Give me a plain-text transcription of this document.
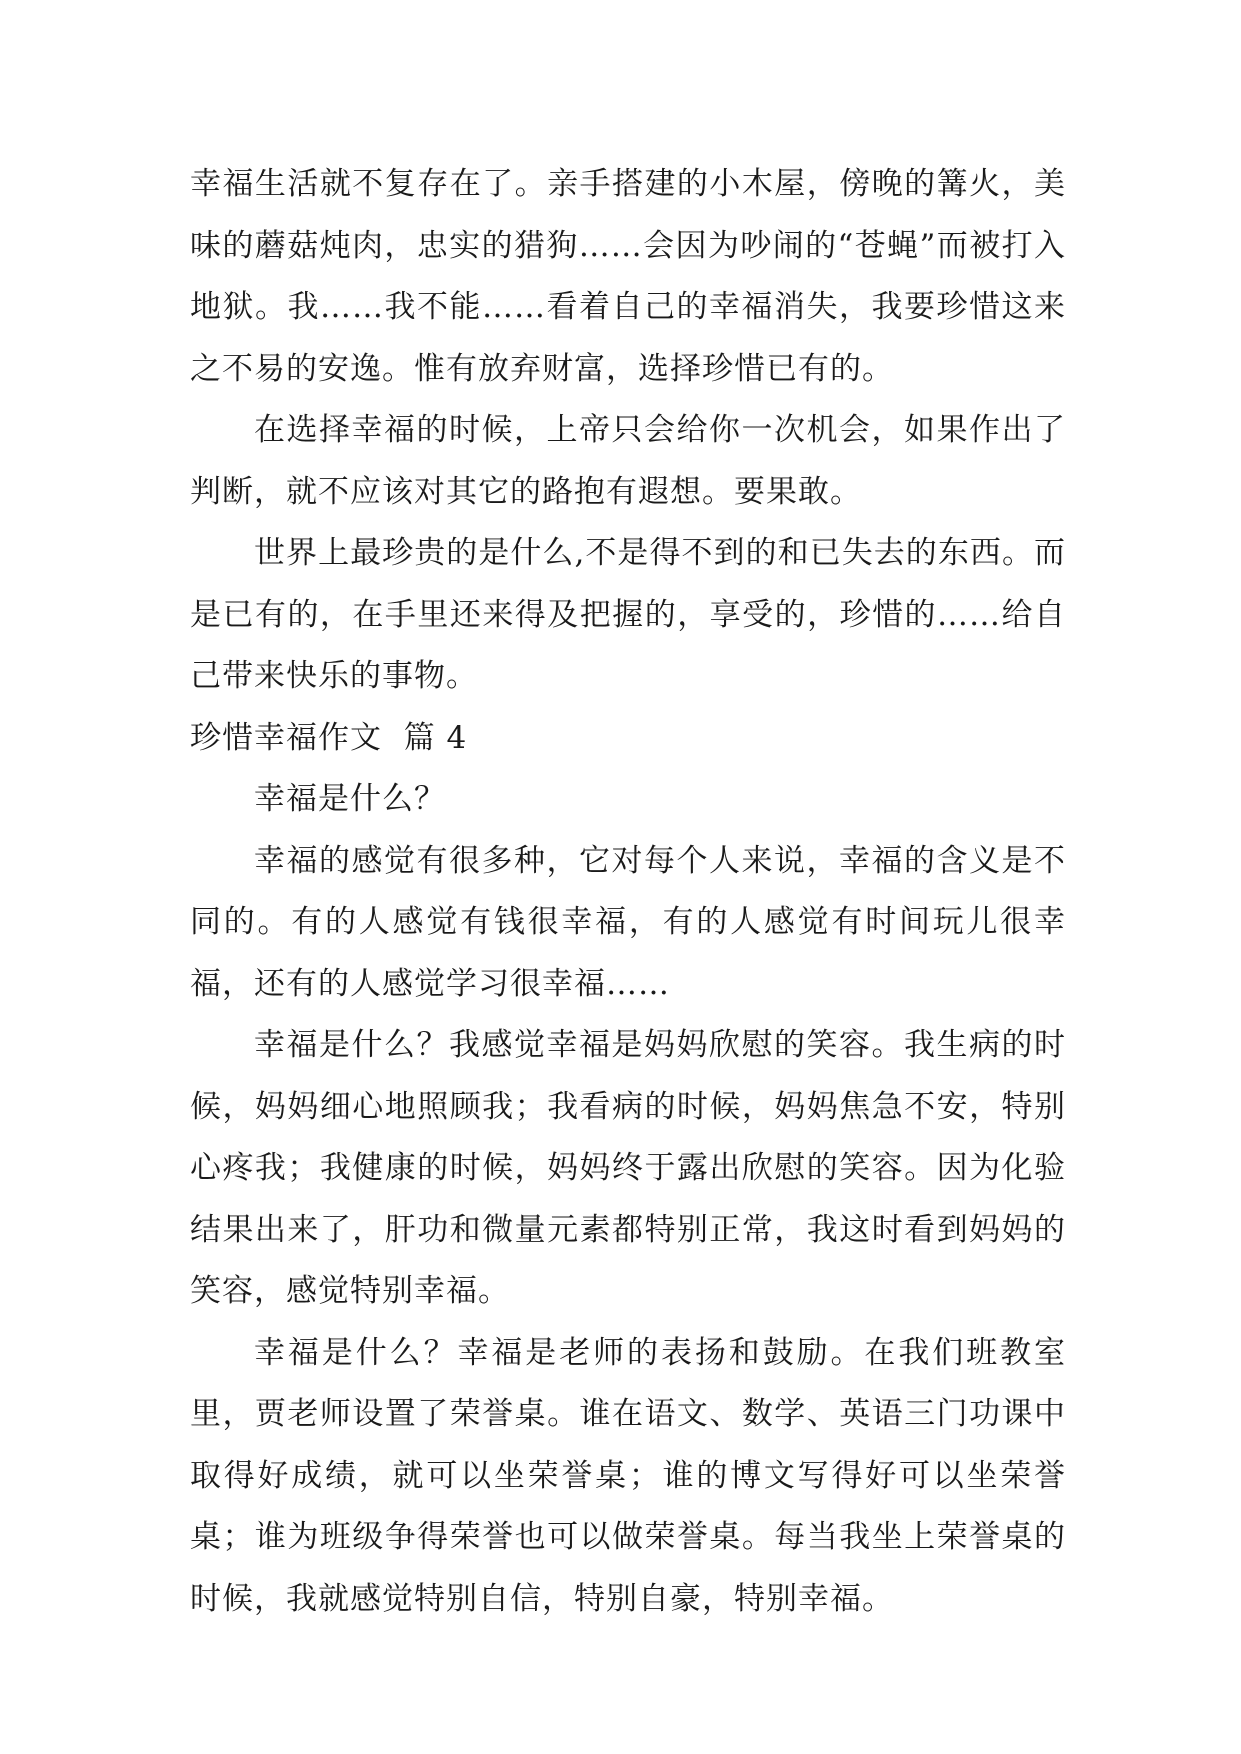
幸福生活就不复存在了。亲手搭建的小木屋，傍晚的篝火，美味的蘑菇炖肉，忠实的猎狗……会因为吵闹的“苍蝇”而被打入地狱。我……我不能……看着自己的幸福消失，我要珍惜这来之不易的安逸。惟有放弃财富，选择珍惜已有的。

在选择幸福的时候，上帝只会给你一次机会，如果作出了判断，就不应该对其它的路抱有遐想。要果敢。

世界上最珍贵的是什么,不是得不到的和已失去的东西。而是已有的，在手里还来得及把握的，享受的，珍惜的……给自己带来快乐的事物。

珍惜幸福作文  篇 4

幸福是什么？

幸福的感觉有很多种，它对每个人来说，幸福的含义是不同的。有的人感觉有钱很幸福，有的人感觉有时间玩儿很幸福，还有的人感觉学习很幸福……

幸福是什么？我感觉幸福是妈妈欣慰的笑容。我生病的时候，妈妈细心地照顾我；我看病的时候，妈妈焦急不安，特别心疼我；我健康的时候，妈妈终于露出欣慰的笑容。因为化验结果出来了，肝功和微量元素都特别正常，我这时看到妈妈的笑容，感觉特别幸福。

幸福是什么？幸福是老师的表扬和鼓励。在我们班教室里，贾老师设置了荣誉桌。谁在语文、数学、英语三门功课中取得好成绩，就可以坐荣誉桌；谁的博文写得好可以坐荣誉桌；谁为班级争得荣誉也可以做荣誉桌。每当我坐上荣誉桌的时候，我就感觉特别自信，特别自豪，特别幸福。
